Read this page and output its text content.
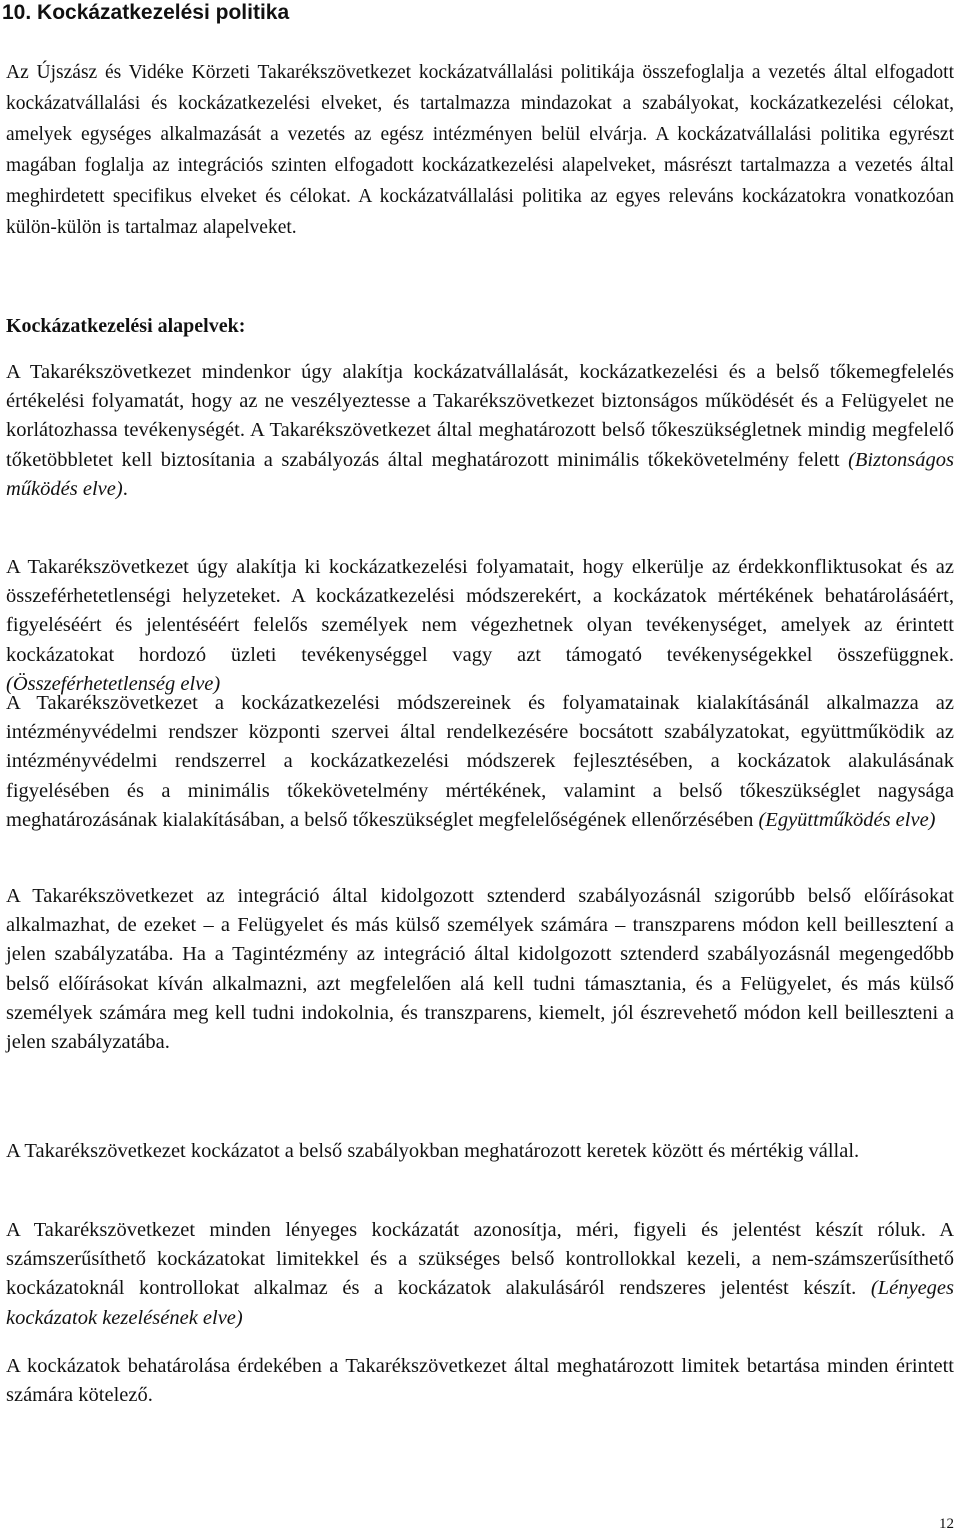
10. Kockázatkezelési politika

Az Újszász és Vidéke Körzeti Takarékszövetkezet kockázatvállalási politikája összefoglalja a vezetés által elfogadott kockázatvállalási és kockázatkezelési elveket, és tartalmazza mindazokat a szabályokat, kockázatkezelési célokat, amelyek egységes alkalmazását a vezetés az egész intézményen belül elvárja. A kockázatvállalási politika egyrészt magában foglalja az integrációs szinten elfogadott kockázatkezelési alapelveket, másrészt tartalmazza a vezetés által meghirdetett specifikus elveket és célokat. A kockázatvállalási politika az egyes releváns kockázatokra vonatkozóan külön-külön is tartalmaz alapelveket.

Kockázatkezelési alapelvek:

A Takarékszövetkezet mindenkor úgy alakítja kockázatvállalását, kockázatkezelési és a belső tőkemegfelelés értékelési folyamatát, hogy az ne veszélyeztesse a Takarékszövetkezet biztonságos működését és a Felügyelet ne korlátozhassa tevékenységét. A Takarékszövetkezet által meghatározott belső tőkeszükségletnek mindig megfelelő tőketöbbletet kell biztosítania a szabályozás által meghatározott minimális tőkekövetelmény felett (Biztonságos működés elve).

A Takarékszövetkezet úgy alakítja ki kockázatkezelési folyamatait, hogy elkerülje az érdekkonfliktusokat és az összeférhetetlenségi helyzeteket. A kockázatkezelési módszerekért, a kockázatok mértékének behatárolásáért, figyeléséért és jelentéséért felelős személyek nem végezhetnek olyan tevékenységet, amelyek az érintett kockázatokat hordozó üzleti tevékenységgel vagy azt támogató tevékenységekkel összefüggnek. (Összeférhetetlenség elve)

A Takarékszövetkezet a kockázatkezelési módszereinek és folyamatainak kialakításánál alkalmazza az intézményvédelmi rendszer központi szervei által rendelkezésére bocsátott szabályzatokat, együttműködik az intézményvédelmi rendszerrel a kockázatkezelési módszerek fejlesztésében, a kockázatok alakulásának figyelésében és a minimális tőkekövetelmény mértékének, valamint a belső tőkeszükséglet nagysága meghatározásának kialakításában, a belső tőkeszükséglet megfelelőségének ellenőrzésében (Együttműködés elve)

A Takarékszövetkezet az integráció által kidolgozott sztenderd szabályozásnál szigorúbb belső előírásokat alkalmazhat, de ezeket – a Felügyelet és más külső személyek számára – transzparens módon kell beillesztení a jelen szabályzatába. Ha a Tagintézmény az integráció által kidolgozott sztenderd szabályozásnál megengedőbb belső előírásokat kíván alkalmazni, azt megfelelően alá kell tudni támasztania, és a Felügyelet, és más külső személyek számára meg kell tudni indokolnia, és transzparens, kiemelt, jól észrevehető módon kell beilleszteni a jelen szabályzatába.

A Takarékszövetkezet kockázatot a belső szabályokban meghatározott keretek között és mértékig vállal.

A Takarékszövetkezet minden lényeges kockázatát azonosítja, méri, figyeli és jelentést készít róluk. A számszerűsíthető kockázatokat limitekkel és a szükséges belső kontrollokkal kezeli, a nem-számszerűsíthető kockázatoknál kontrollokat alkalmaz és a kockázatok alakulásáról rendszeres jelentést készít. (Lényeges kockázatok kezelésének elve)

A kockázatok behatárolása érdekében a Takarékszövetkezet által meghatározott limitek betartása minden érintett számára kötelező.

12
